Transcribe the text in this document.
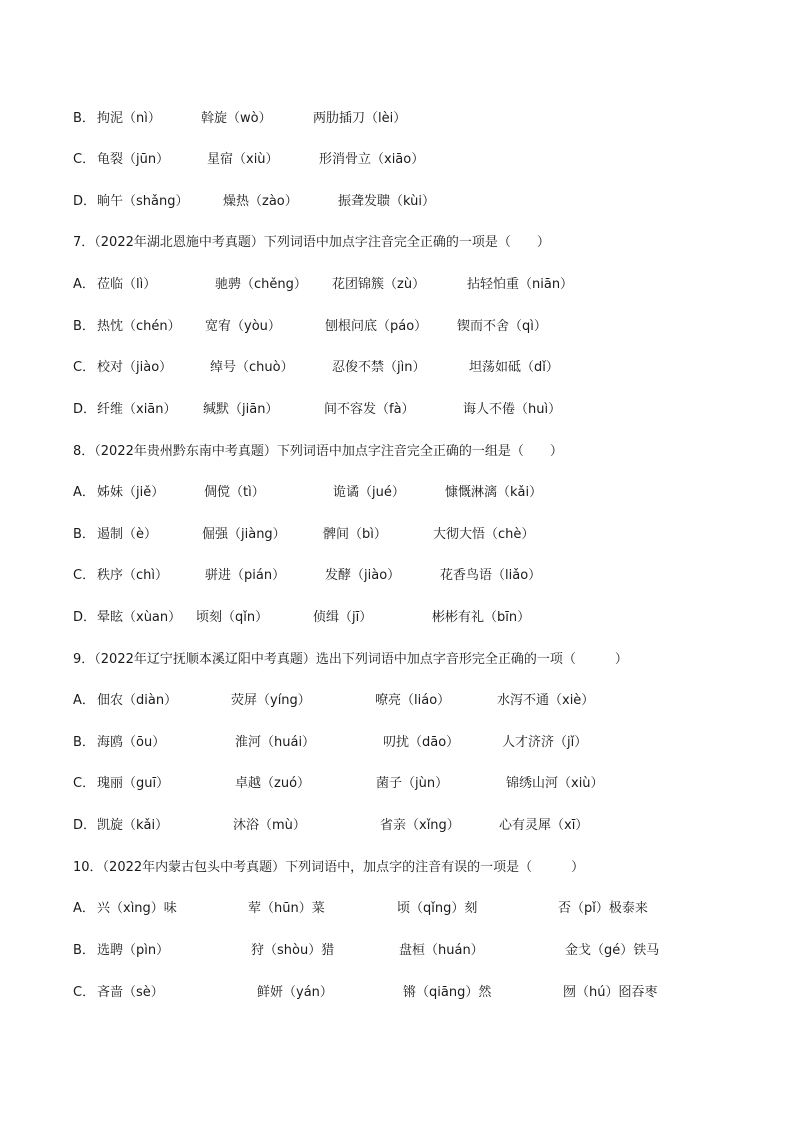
B． 拘泥（nì）	斡旋（wò）	两肋插刀（lèi）
C． 龟裂（jūn）	星宿（xiù）	形消骨立（xiāo）
D． 晌午（shǎng）	燥热（zào）	振聋发聩（kùi）
7．（2022年湖北恩施中考真题）下列词语中加点字注音完全正确的一项是（　　）
A． 莅临（lì）	驰骋（chěng） 花团锦簇（zù）	拈轻怕重（niān）
B． 热忱（chén） 宽宥（yòu）	刨根问底（páo） 锲而不舍（qì）
C． 校对（jiào）	绰号（chuò）	忍俊不禁（jìn）	坦荡如砥（dǐ）
D． 纤维（xiān） 缄默（jiān）	间不容发（fà）	诲人不倦（huì）
8．（2022年贵州黔东南中考真题）下列词语中加点字注音完全正确的一组是（　　）
A． 姊妹（jiě）	倜傥（tì）	诡谲（jué）	慷慨淋漓（kǎi）
B． 遏制（è）	倔强（jiàng）	髀间（bì）	大彻大悟（chè）
C． 秩序（chì）	骈进（pián）	发酵（jiào）	花香鸟语（liǎo）
D． 晕眩（xùan） 顷刻（qǐn）	侦缉（jī）	彬彬有礼（bīn）
9．（2022年辽宁抚顺本溪辽阳中考真题）选出下列词语中加点字音形完全正确的一项（　　　）
A． 佃农（diàn）	荧屏（yíng）	嘹亮（liáo）	水泻不通（xiè）
B． 海鸥（ōu）	淮河（huái）	叨扰（dāo）	人才济济（jǐ）
C． 瑰丽（guī）	卓越（zuó）	菌子（jùn）	锦绣山河（xiù）
D． 凯旋（kǎi）	沐浴（mù）	省亲（xǐng）	心有灵犀（xī）
10．（2022年内蒙古包头中考真题）下列词语中，加点字的注音有误的一项是（　　　）
A． 兴（xìng）味	荤（hūn）菜	顷（qǐng）刻	否（pǐ）极泰来
B． 选聘（pìn）	狩（shòu）猎	盘桓（huán）	金戈（gé）铁马
C． 吝啬（sè）	鲜妍（yán）	锵（qiāng）然	囫（hú）囵吞枣
